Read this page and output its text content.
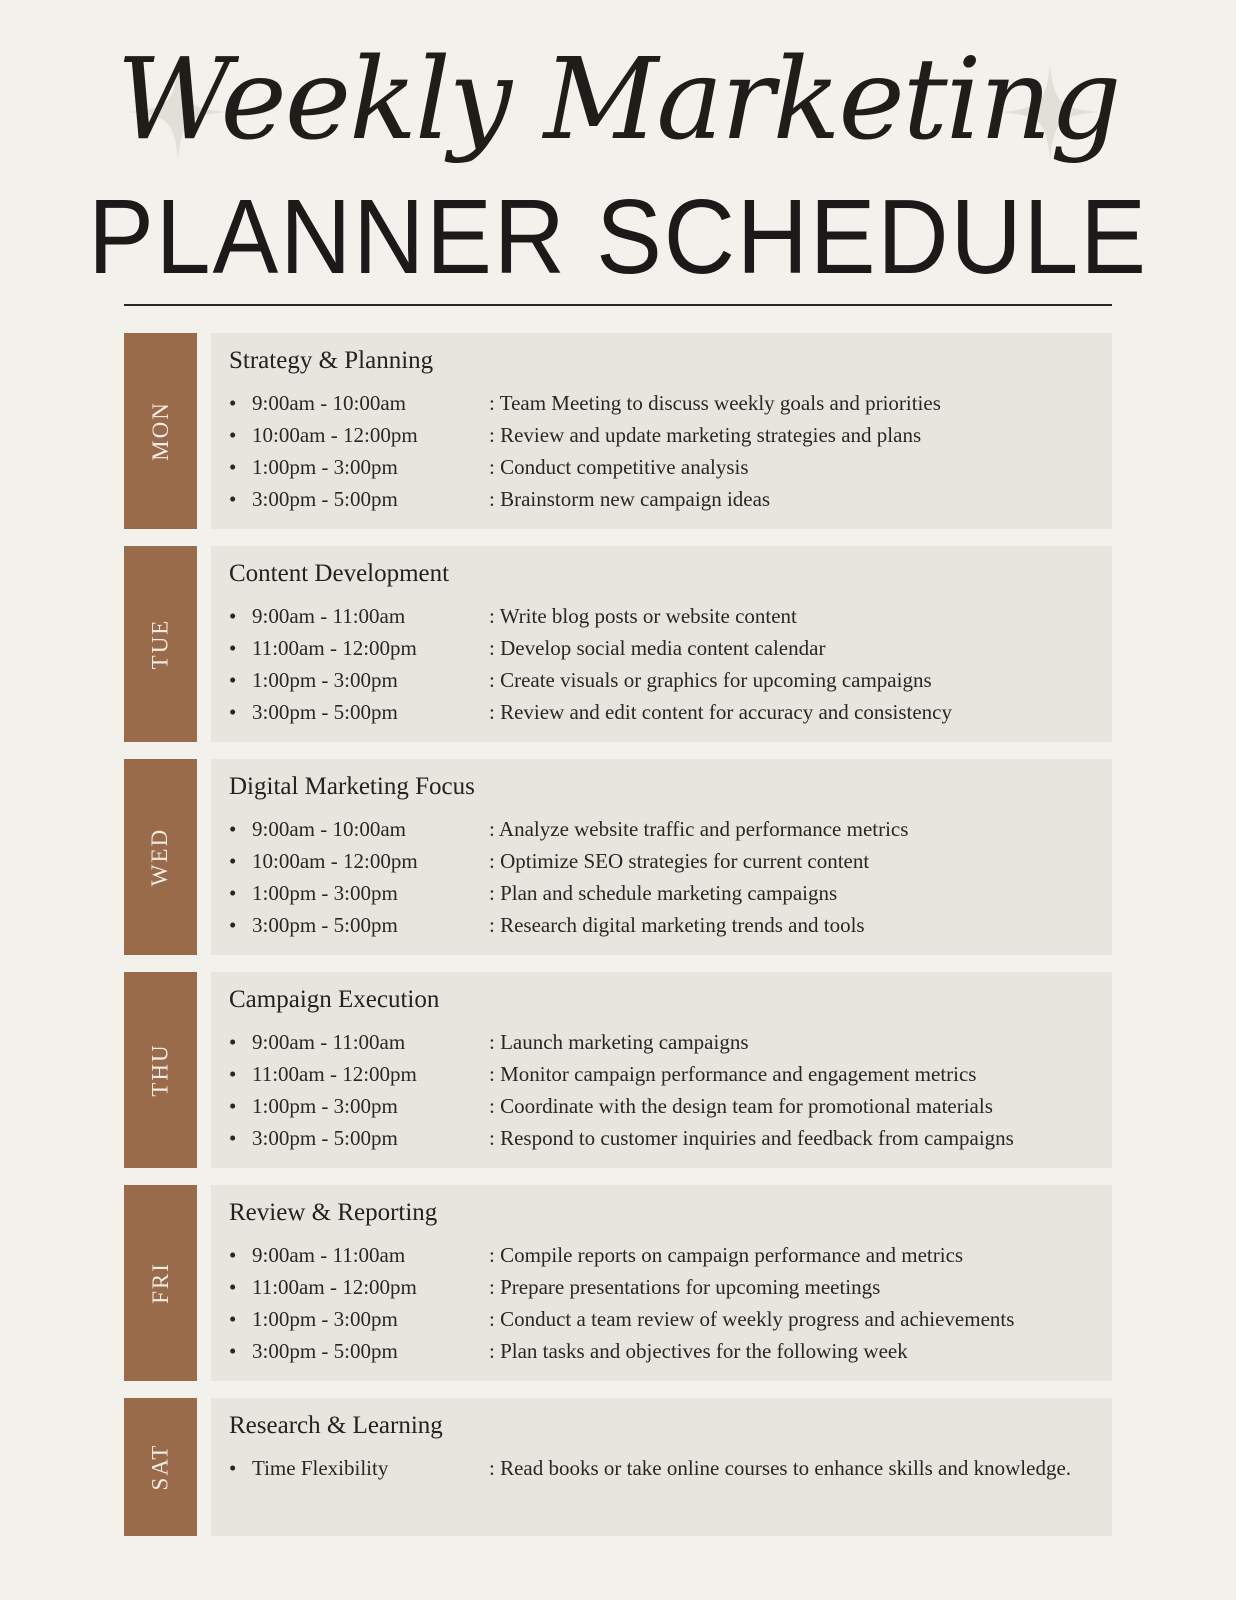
Weekly Marketing
PLANNER SCHEDULE
MON
Strategy & Planning
• 9:00am - 10:00am	: Team Meeting to discuss weekly goals and priorities
• 10:00am - 12:00pm	: Review and update marketing strategies and plans
• 1:00pm - 3:00pm	: Conduct competitive analysis
• 3:00pm - 5:00pm	: Brainstorm new campaign ideas
TUE
Content Development
• 9:00am - 11:00am	: Write blog posts or website content
• 11:00am - 12:00pm	: Develop social media content calendar
• 1:00pm - 3:00pm	: Create visuals or graphics for upcoming campaigns
• 3:00pm - 5:00pm	: Review and edit content for accuracy and consistency
WED
Digital Marketing Focus
• 9:00am - 10:00am	: Analyze website traffic and performance metrics
• 10:00am - 12:00pm	: Optimize SEO strategies for current content
• 1:00pm - 3:00pm	: Plan and schedule marketing campaigns
• 3:00pm - 5:00pm	: Research digital marketing trends and tools
THU
Campaign Execution
• 9:00am - 11:00am	: Launch marketing campaigns
• 11:00am - 12:00pm	: Monitor campaign performance and engagement metrics
• 1:00pm - 3:00pm	: Coordinate with the design team for promotional materials
• 3:00pm - 5:00pm	: Respond to customer inquiries and feedback from campaigns
FRI
Review & Reporting
• 9:00am - 11:00am	: Compile reports on campaign performance and metrics
• 11:00am - 12:00pm	: Prepare presentations for upcoming meetings
• 1:00pm - 3:00pm	: Conduct a team review of weekly progress and achievements
• 3:00pm - 5:00pm	: Plan tasks and objectives for the following week
SAT
Research & Learning
• Time Flexibility	: Read books or take online courses to enhance skills and knowledge.
